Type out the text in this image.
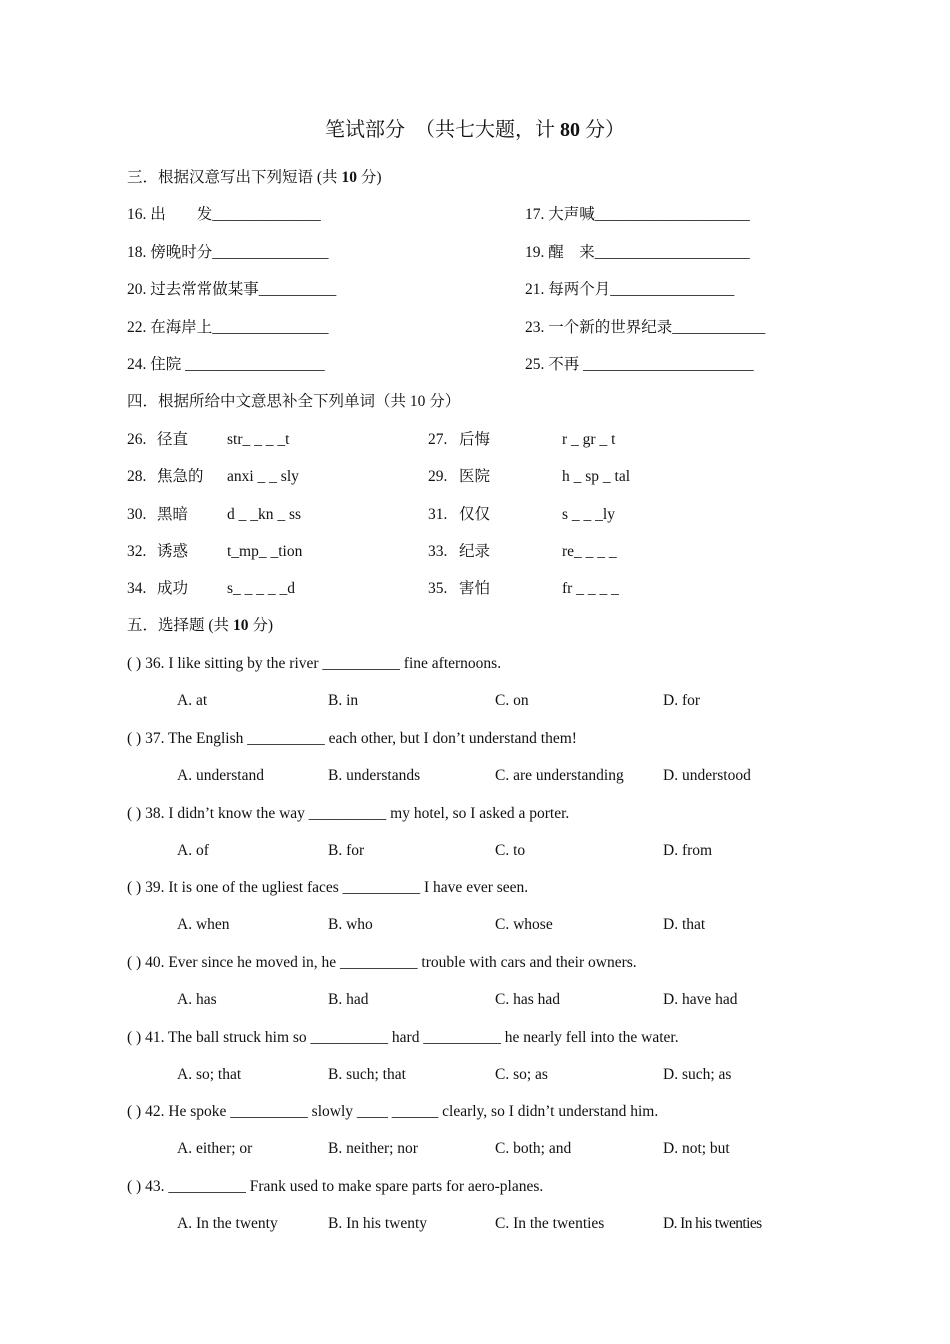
笔试部分 （共七大题，计 80 分）
三．根据汉意写出下列短语 (共 10 分)
16. 出　　发______________	17. 大声喊____________________
18. 傍晚时分_______________	19. 醒　来____________________
20. 过去常常做某事__________	21. 每两个月________________
22. 在海岸上_______________	23. 一个新的世界纪录____________
24. 住院 __________________	25. 不再 ______________________
四．根据所给中文意思补全下列单词（共 10 分）
26. 径直	str_ _ _ _t	27. 后悔	r _ gr _ t
28. 焦急的 anxi _ _ sly	29. 医院	h _ sp _ tal
30. 黑暗	d _ _kn _ ss	31. 仅仅	s _ _ _ly
32. 诱惑	t_mp_ _tion	33. 纪录	re_ _ _ _
34. 成功	s_ _ _ _ _d	35. 害怕	fr _ _ _ _
五．选择题 (共 10 分)
( ) 36. I like sitting by the river __________ fine afternoons.
A. at	B. in	C. on	D. for
( ) 37. The English __________ each other, but I don’t understand them!
A. understand	B. understands	C. are understanding	D. understood
( ) 38. I didn’t know the way __________ my hotel, so I asked a porter.
A. of	B. for	C. to	D. from
( ) 39. It is one of the ugliest faces __________ I have ever seen.
A. when	B. who	C. whose	D. that
( ) 40. Ever since he moved in, he __________ trouble with cars and their owners.
A. has	B. had	C. has had	D. have had
( ) 41. The ball struck him so __________ hard __________ he nearly fell into the water.
A. so; that	B. such; that	C. so; as	D. such; as
( ) 42. He spoke __________ slowly ____ ______ clearly, so I didn’t understand him.
A. either; or	B. neither; nor	C. both; and	D. not; but
( ) 43. __________ Frank used to make spare parts for aero-planes.
A. In the twenty	B. In his twenty	C. In the twenties	D. In his twenties
